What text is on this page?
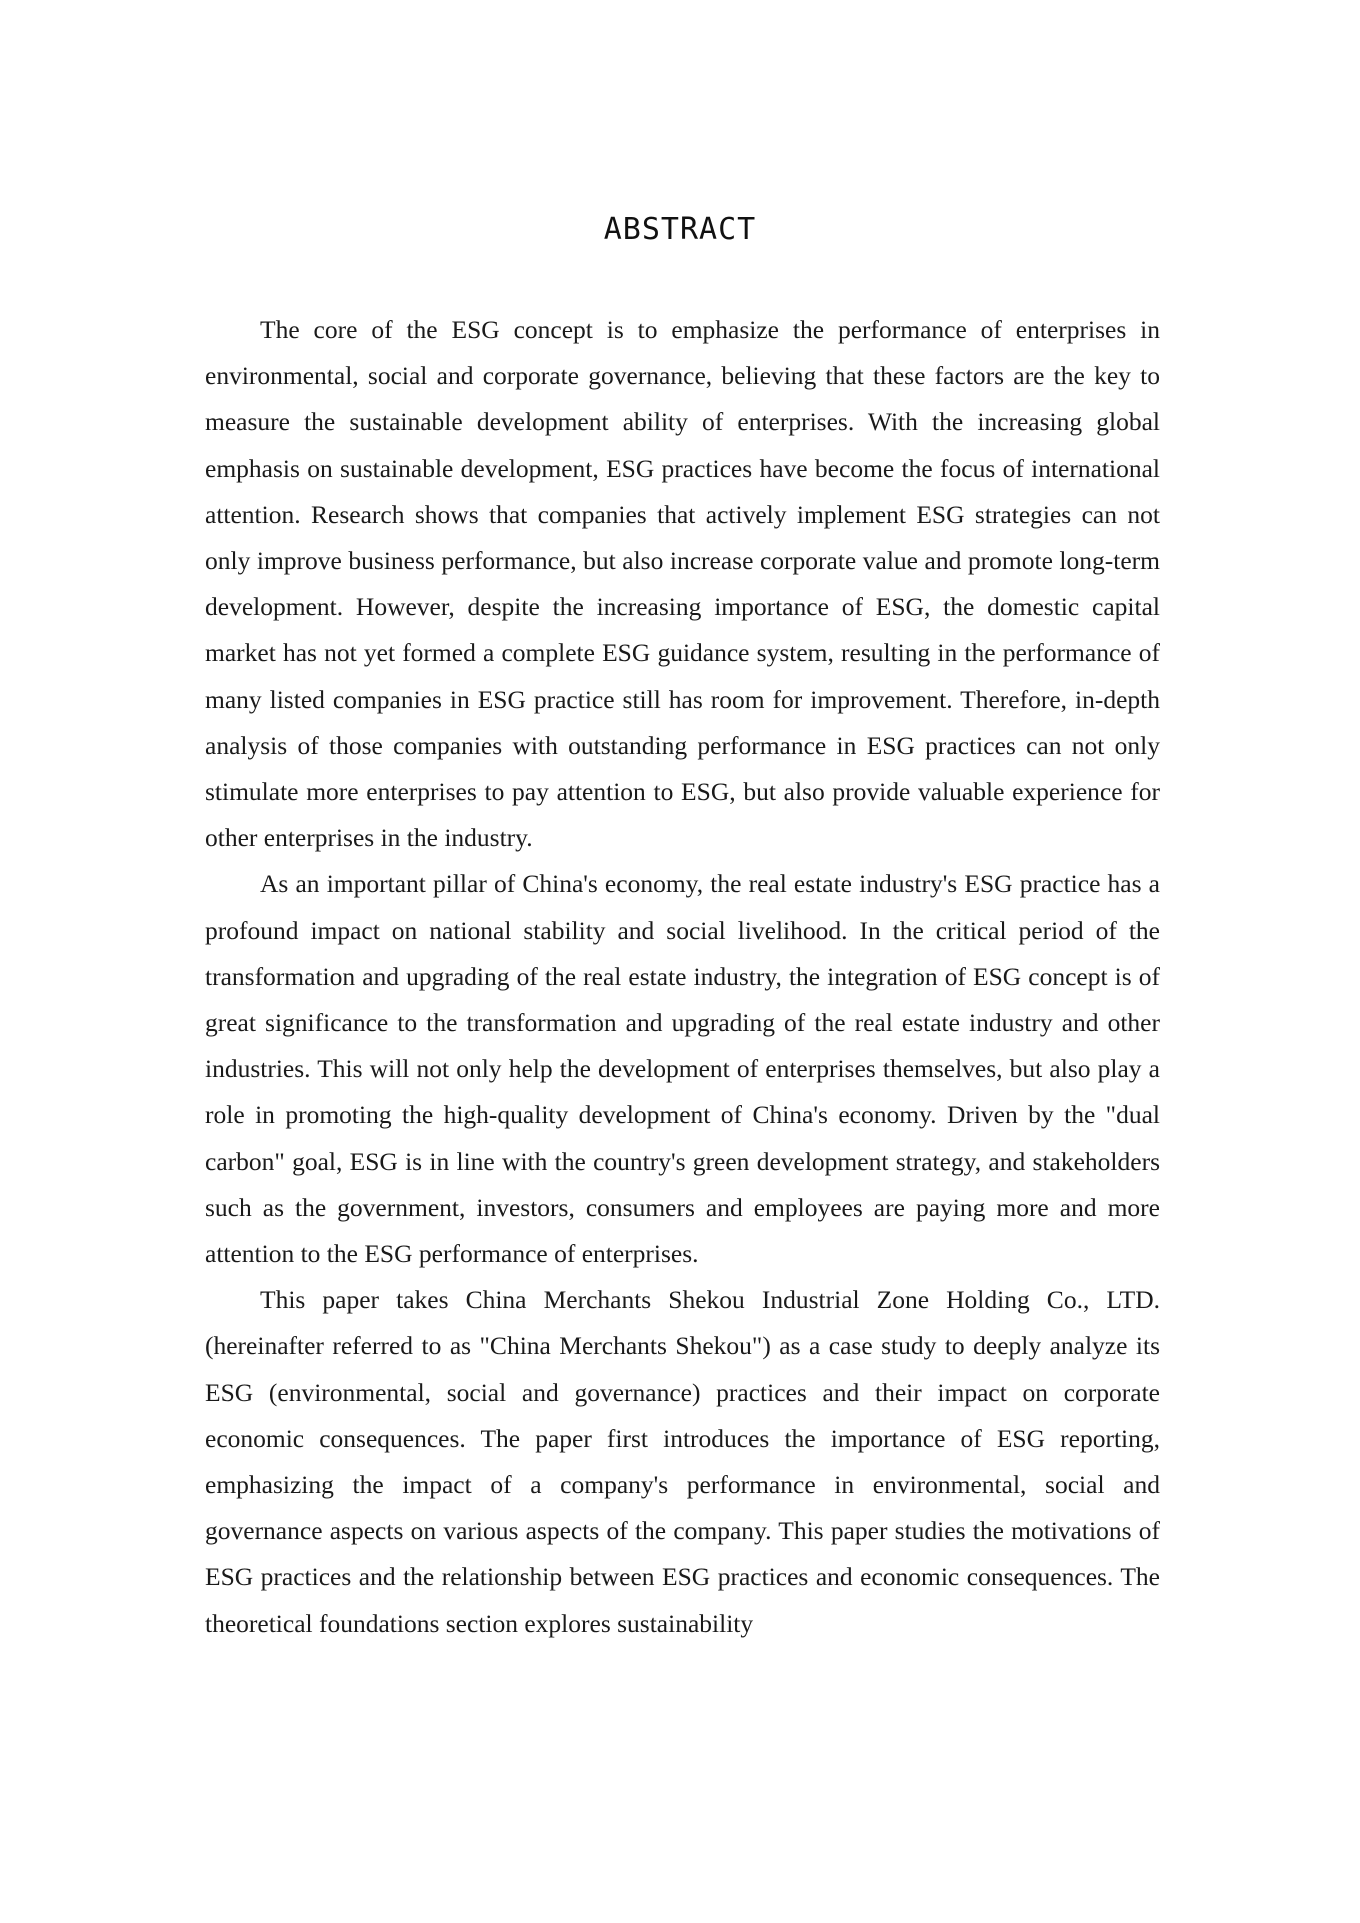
ABSTRACT

The core of the ESG concept is to emphasize the performance of enterprises in environmental, social and corporate governance, believing that these factors are the key to measure the sustainable development ability of enterprises. With the increasing global emphasis on sustainable development, ESG practices have become the focus of international attention. Research shows that companies that actively implement ESG strategies can not only improve business performance, but also increase corporate value and promote long-term development. However, despite the increasing importance of ESG, the domestic capital market has not yet formed a complete ESG guidance system, resulting in the performance of many listed companies in ESG practice still has room for improvement. Therefore, in-depth analysis of those companies with outstanding performance in ESG practices can not only stimulate more enterprises to pay attention to ESG, but also provide valuable experience for other enterprises in the industry.

As an important pillar of China's economy, the real estate industry's ESG practice has a profound impact on national stability and social livelihood. In the critical period of the transformation and upgrading of the real estate industry, the integration of ESG concept is of great significance to the transformation and upgrading of the real estate industry and other industries. This will not only help the development of enterprises themselves, but also play a role in promoting the high-quality development of China's economy. Driven by the "dual carbon" goal, ESG is in line with the country's green development strategy, and stakeholders such as the government, investors, consumers and employees are paying more and more attention to the ESG performance of enterprises.

This paper takes China Merchants Shekou Industrial Zone Holding Co., LTD. (hereinafter referred to as "China Merchants Shekou") as a case study to deeply analyze its ESG (environmental, social and governance) practices and their impact on corporate economic consequences. The paper first introduces the importance of ESG reporting, emphasizing the impact of a company's performance in environmental, social and governance aspects on various aspects of the company. This paper studies the motivations of ESG practices and the relationship between ESG practices and economic consequences. The theoretical foundations section explores sustainability
